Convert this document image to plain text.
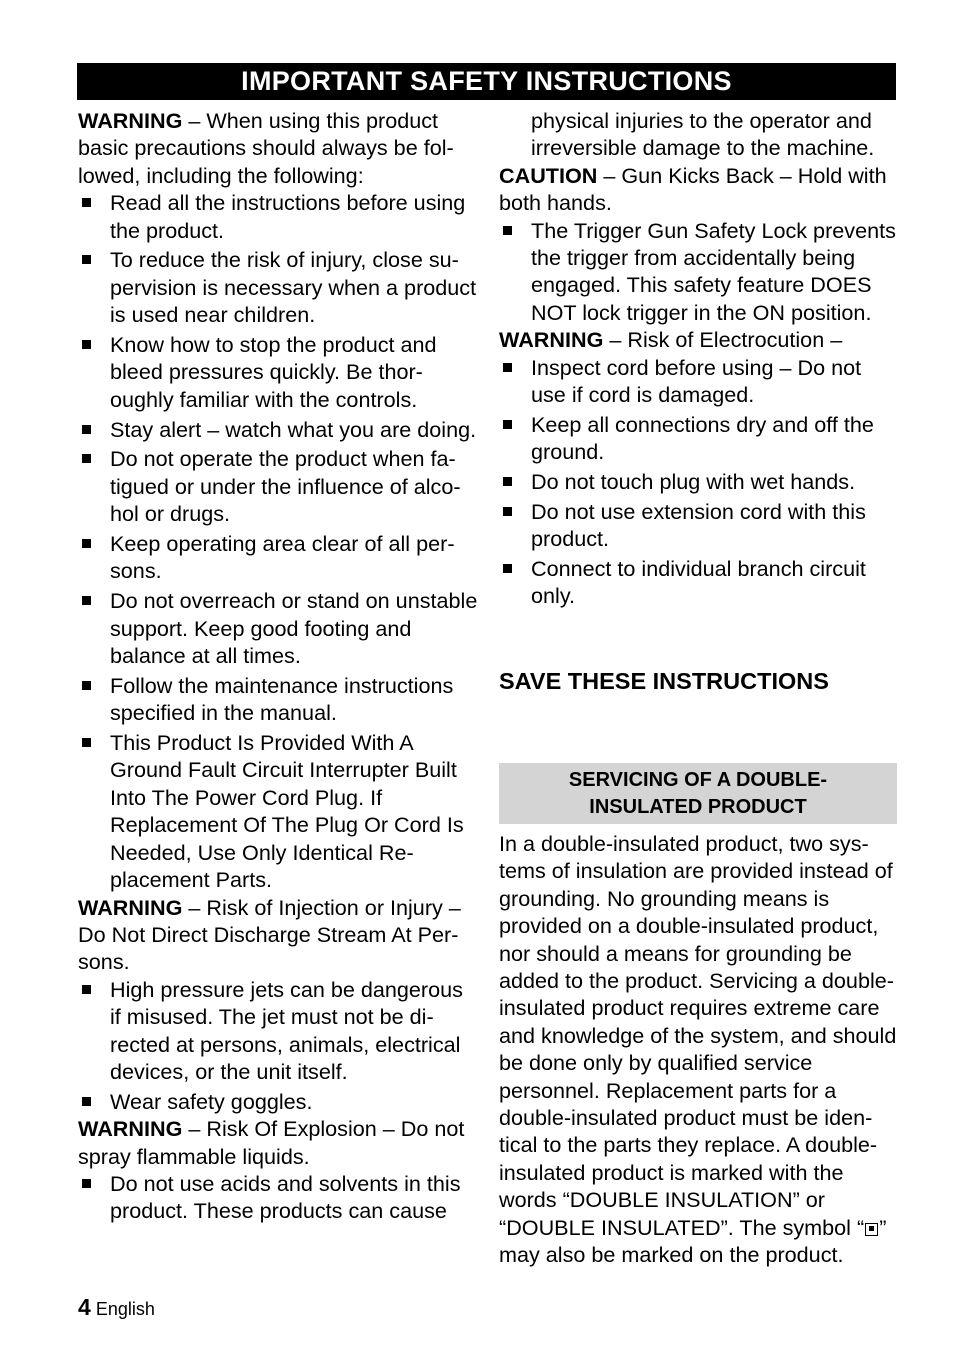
IMPORTANT SAFETY INSTRUCTIONS

WARNING – When using this product basic precautions should always be followed, including the following:

Read all the instructions before using the product.
To reduce the risk of injury, close supervision is necessary when a product is used near children.
Know how to stop the product and bleed pressures quickly. Be thoroughly familiar with the controls.
Stay alert – watch what you are doing.
Do not operate the product when fatigued or under the influence of alcohol or drugs.
Keep operating area clear of all persons.
Do not overreach or stand on unstable support. Keep good footing and balance at all times.
Follow the maintenance instructions specified in the manual.
This Product Is Provided With A Ground Fault Circuit Interrupter Built Into The Power Cord Plug. If Replacement Of The Plug Or Cord Is Needed, Use Only Identical Replacement Parts.

WARNING – Risk of Injection or Injury – Do Not Direct Discharge Stream At Persons.

High pressure jets can be dangerous if misused. The jet must not be directed at persons, animals, electrical devices, or the unit itself.
Wear safety goggles.

WARNING – Risk Of Explosion – Do not spray flammable liquids.

Do not use acids and solvents in this product. These products can cause

physical injuries to the operator and irreversible damage to the machine.

CAUTION – Gun Kicks Back – Hold with both hands.

The Trigger Gun Safety Lock prevents the trigger from accidentally being engaged. This safety feature DOES NOT lock trigger in the ON position.

WARNING – Risk of Electrocution –

Inspect cord before using – Do not use if cord is damaged.
Keep all connections dry and off the ground.
Do not touch plug with wet hands.
Do not use extension cord with this product.
Connect to individual branch circuit only.

SAVE THESE INSTRUCTIONS

SERVICING OF A DOUBLE-
INSULATED PRODUCT

In a double-insulated product, two systems of insulation are provided instead of grounding. No grounding means is provided on a double-insulated product, nor should a means for grounding be added to the product. Servicing a double-insulated product requires extreme care and knowledge of the system, and should be done only by qualified service personnel. Replacement parts for a double-insulated product must be identical to the parts they replace. A double-insulated product is marked with the words “DOUBLE INSULATION” or “DOUBLE INSULATED”. The symbol “ ” may also be marked on the product.

4 English
